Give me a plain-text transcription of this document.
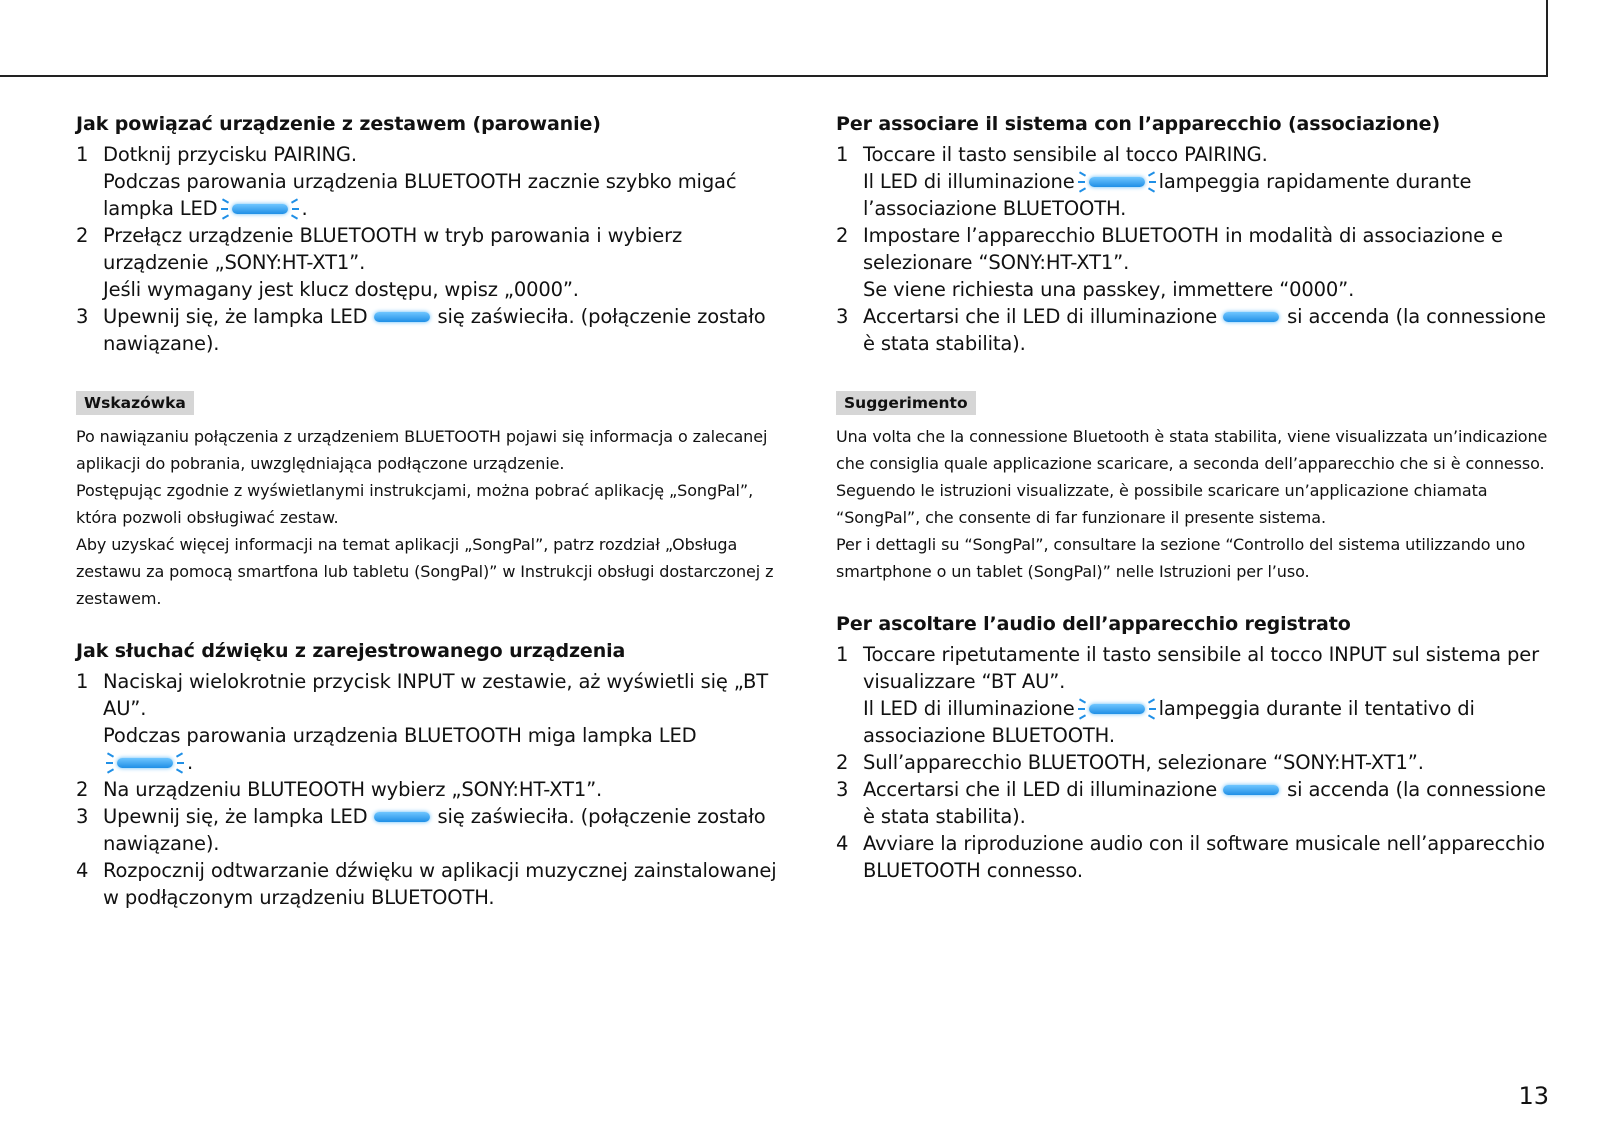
Jak powiązać urządzenie z zestawem (parowanie)
1 Dotknij przycisku PAIRING.
Podczas parowania urządzenia BLUETOOTH zacznie szybko migać
lampka LED	.
2 Przełącz urządzenie BLUETOOTH w tryb parowania i wybierz urządzenie „SONY:HT-XT1”.
Jeśli wymagany jest klucz dostępu, wpisz „0000”.
3 Upewnij się, że lampka LED	się zaświeciła. (połączenie zostało nawiązane).
Wskazówka
Po nawiązaniu połączenia z urządzeniem BLUETOOTH pojawi się informacja o zalecanej aplikacji do pobrania, uwzględniająca podłączone urządzenie.
Postępując zgodnie z wyświetlanymi instrukcjami, można pobrać aplikację „SongPal”, która pozwoli obsługiwać zestaw.
Aby uzyskać więcej informacji na temat aplikacji „SongPal”, patrz rozdział „Obsługa zestawu za pomocą smartfona lub tabletu (SongPal)” w Instrukcji obsługi dostarczonej z zestawem.
Jak słuchać dźwięku z zarejestrowanego urządzenia
1 Naciskaj wielokrotnie przycisk INPUT w zestawie, aż wyświetli się „BT AU”.
Podczas parowania urządzenia BLUETOOTH miga lampka LED

.
2 Na urządzeniu BLUTEOOTH wybierz „SONY:HT-XT1”.
3 Upewnij się, że lampka LED	się zaświeciła. (połączenie zostało nawiązane).
4 Rozpocznij odtwarzanie dźwięku w aplikacji muzycznej zainstalowanej w podłączonym urządzeniu BLUETOOTH.
Per associare il sistema con l’apparecchio (associazione)
1 Toccare il tasto sensibile al tocco PAIRING.
Il LED di illuminazione	lampeggia rapidamente durante l’associazione BLUETOOTH.
2 Impostare l’apparecchio BLUETOOTH in modalità di associazione e selezionare “SONY:HT-XT1”.
Se viene richiesta una passkey, immettere “0000”.
3 Accertarsi che il LED di illuminazione	si accenda (la connessione è stata stabilita).
Suggerimento
Una volta che la connessione Bluetooth è stata stabilita, viene visualizzata un’indicazione che consiglia quale applicazione scaricare, a seconda dell’apparecchio che si è connesso.
Seguendo le istruzioni visualizzate, è possibile scaricare un’applicazione chiamata “SongPal”, che consente di far funzionare il presente sistema.
Per i dettagli su “SongPal”, consultare la sezione “Controllo del sistema utilizzando uno smartphone o un tablet (SongPal)” nelle Istruzioni per l’uso.
Per ascoltare l’audio dell’apparecchio registrato
1 Toccare ripetutamente il tasto sensibile al tocco INPUT sul sistema per visualizzare “BT AU”.
Il LED di illuminazione	lampeggia durante il tentativo di associazione BLUETOOTH.
2 Sull’apparecchio BLUETOOTH, selezionare “SONY:HT-XT1”.
3 Accertarsi che il LED di illuminazione	si accenda (la connessione è stata stabilita).
4 Avviare la riproduzione audio con il software musicale nell’apparecchio BLUETOOTH connesso.
13
